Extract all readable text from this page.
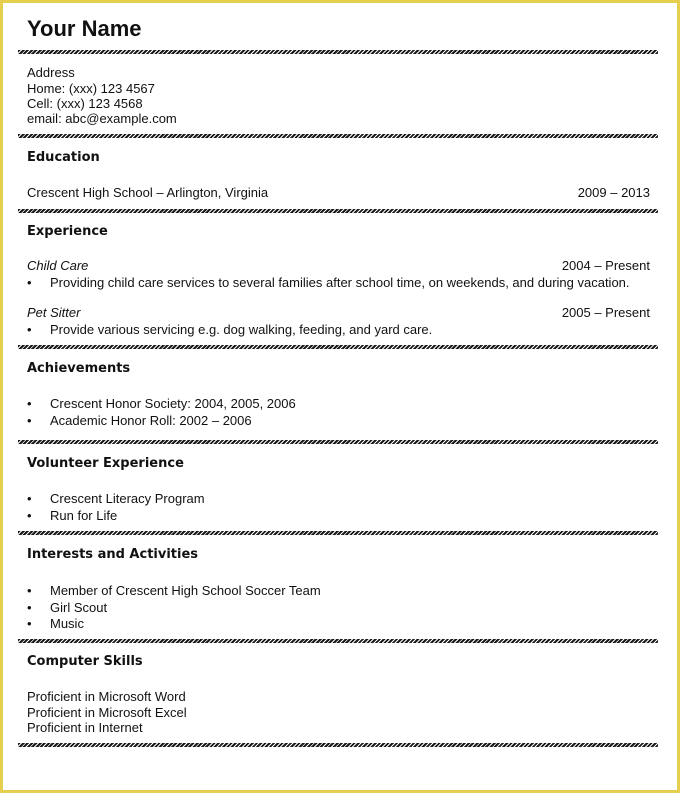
Your Name
Address
Home: (xxx) 123 4567
Cell: (xxx) 123 4568
email: abc@example.com
Education
Crescent High School – Arlington, Virginia	2009 – 2013
Experience
Child Care	2004 – Present
• Providing child care services to several families after school time, on weekends, and during vacation.
Pet Sitter	2005 – Present
• Provide various servicing e.g. dog walking, feeding, and yard care.
Achievements
• Crescent Honor Society: 2004, 2005, 2006
• Academic Honor Roll: 2002 – 2006
Volunteer Experience
• Crescent Literacy Program
• Run for Life
Interests and Activities
• Member of Crescent High School Soccer Team
• Girl Scout
• Music
Computer Skills
Proficient in Microsoft Word
Proficient in Microsoft Excel
Proficient in Internet
